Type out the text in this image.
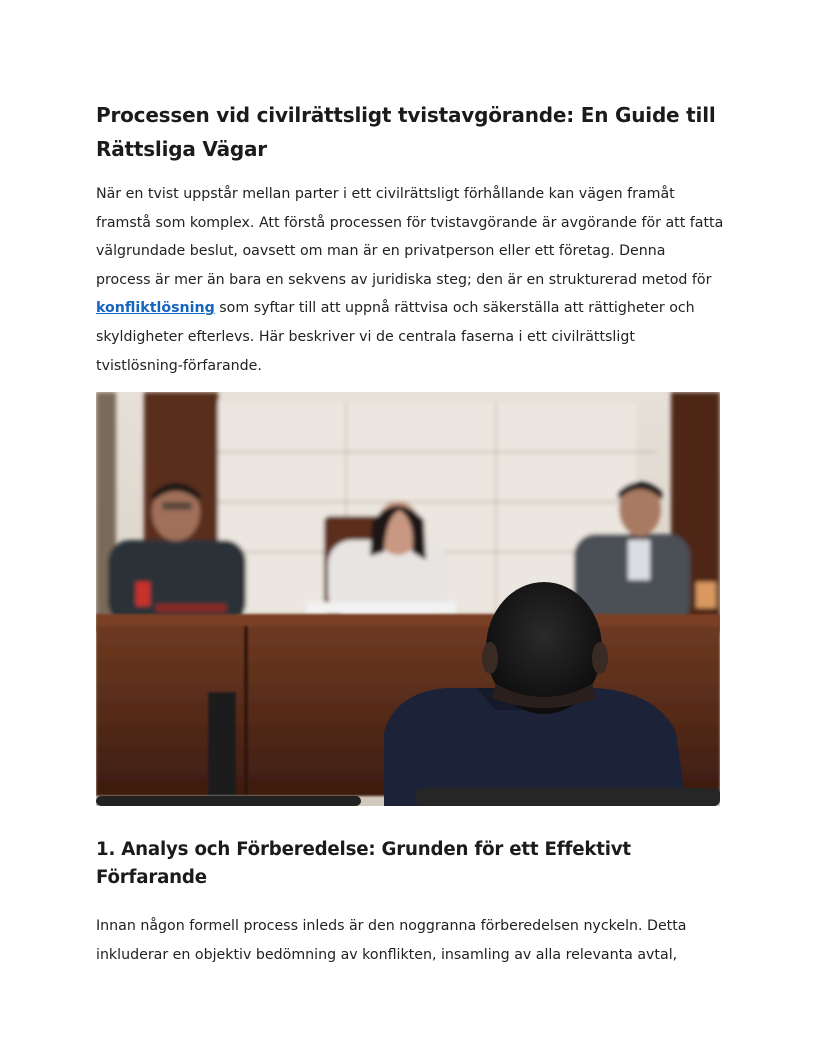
Processen vid civilrättsligt tvistavgörande: En Guide till Rättsliga Vägar

När en tvist uppstår mellan parter i ett civilrättsligt förhållande kan vägen framåt framstå som komplex. Att förstå processen för tvistavgörande är avgörande för att fatta välgrundade beslut, oavsett om man är en privatperson eller ett företag. Denna process är mer än bara en sekvens av juridiska steg; den är en strukturerad metod för konfliktlösning som syftar till att uppnå rättvisa och säkerställa att rättigheter och skyldigheter efterlevs. Här beskriver vi de centrala faserna i ett civilrättsligt tvistlösning-förfarande.

1. Analys och Förberedelse: Grunden för ett Effektivt Förfarande

Innan någon formell process inleds är den noggranna förberedelsen nyckeln. Detta inkluderar en objektiv bedömning av konflikten, insamling av alla relevanta avtal,
